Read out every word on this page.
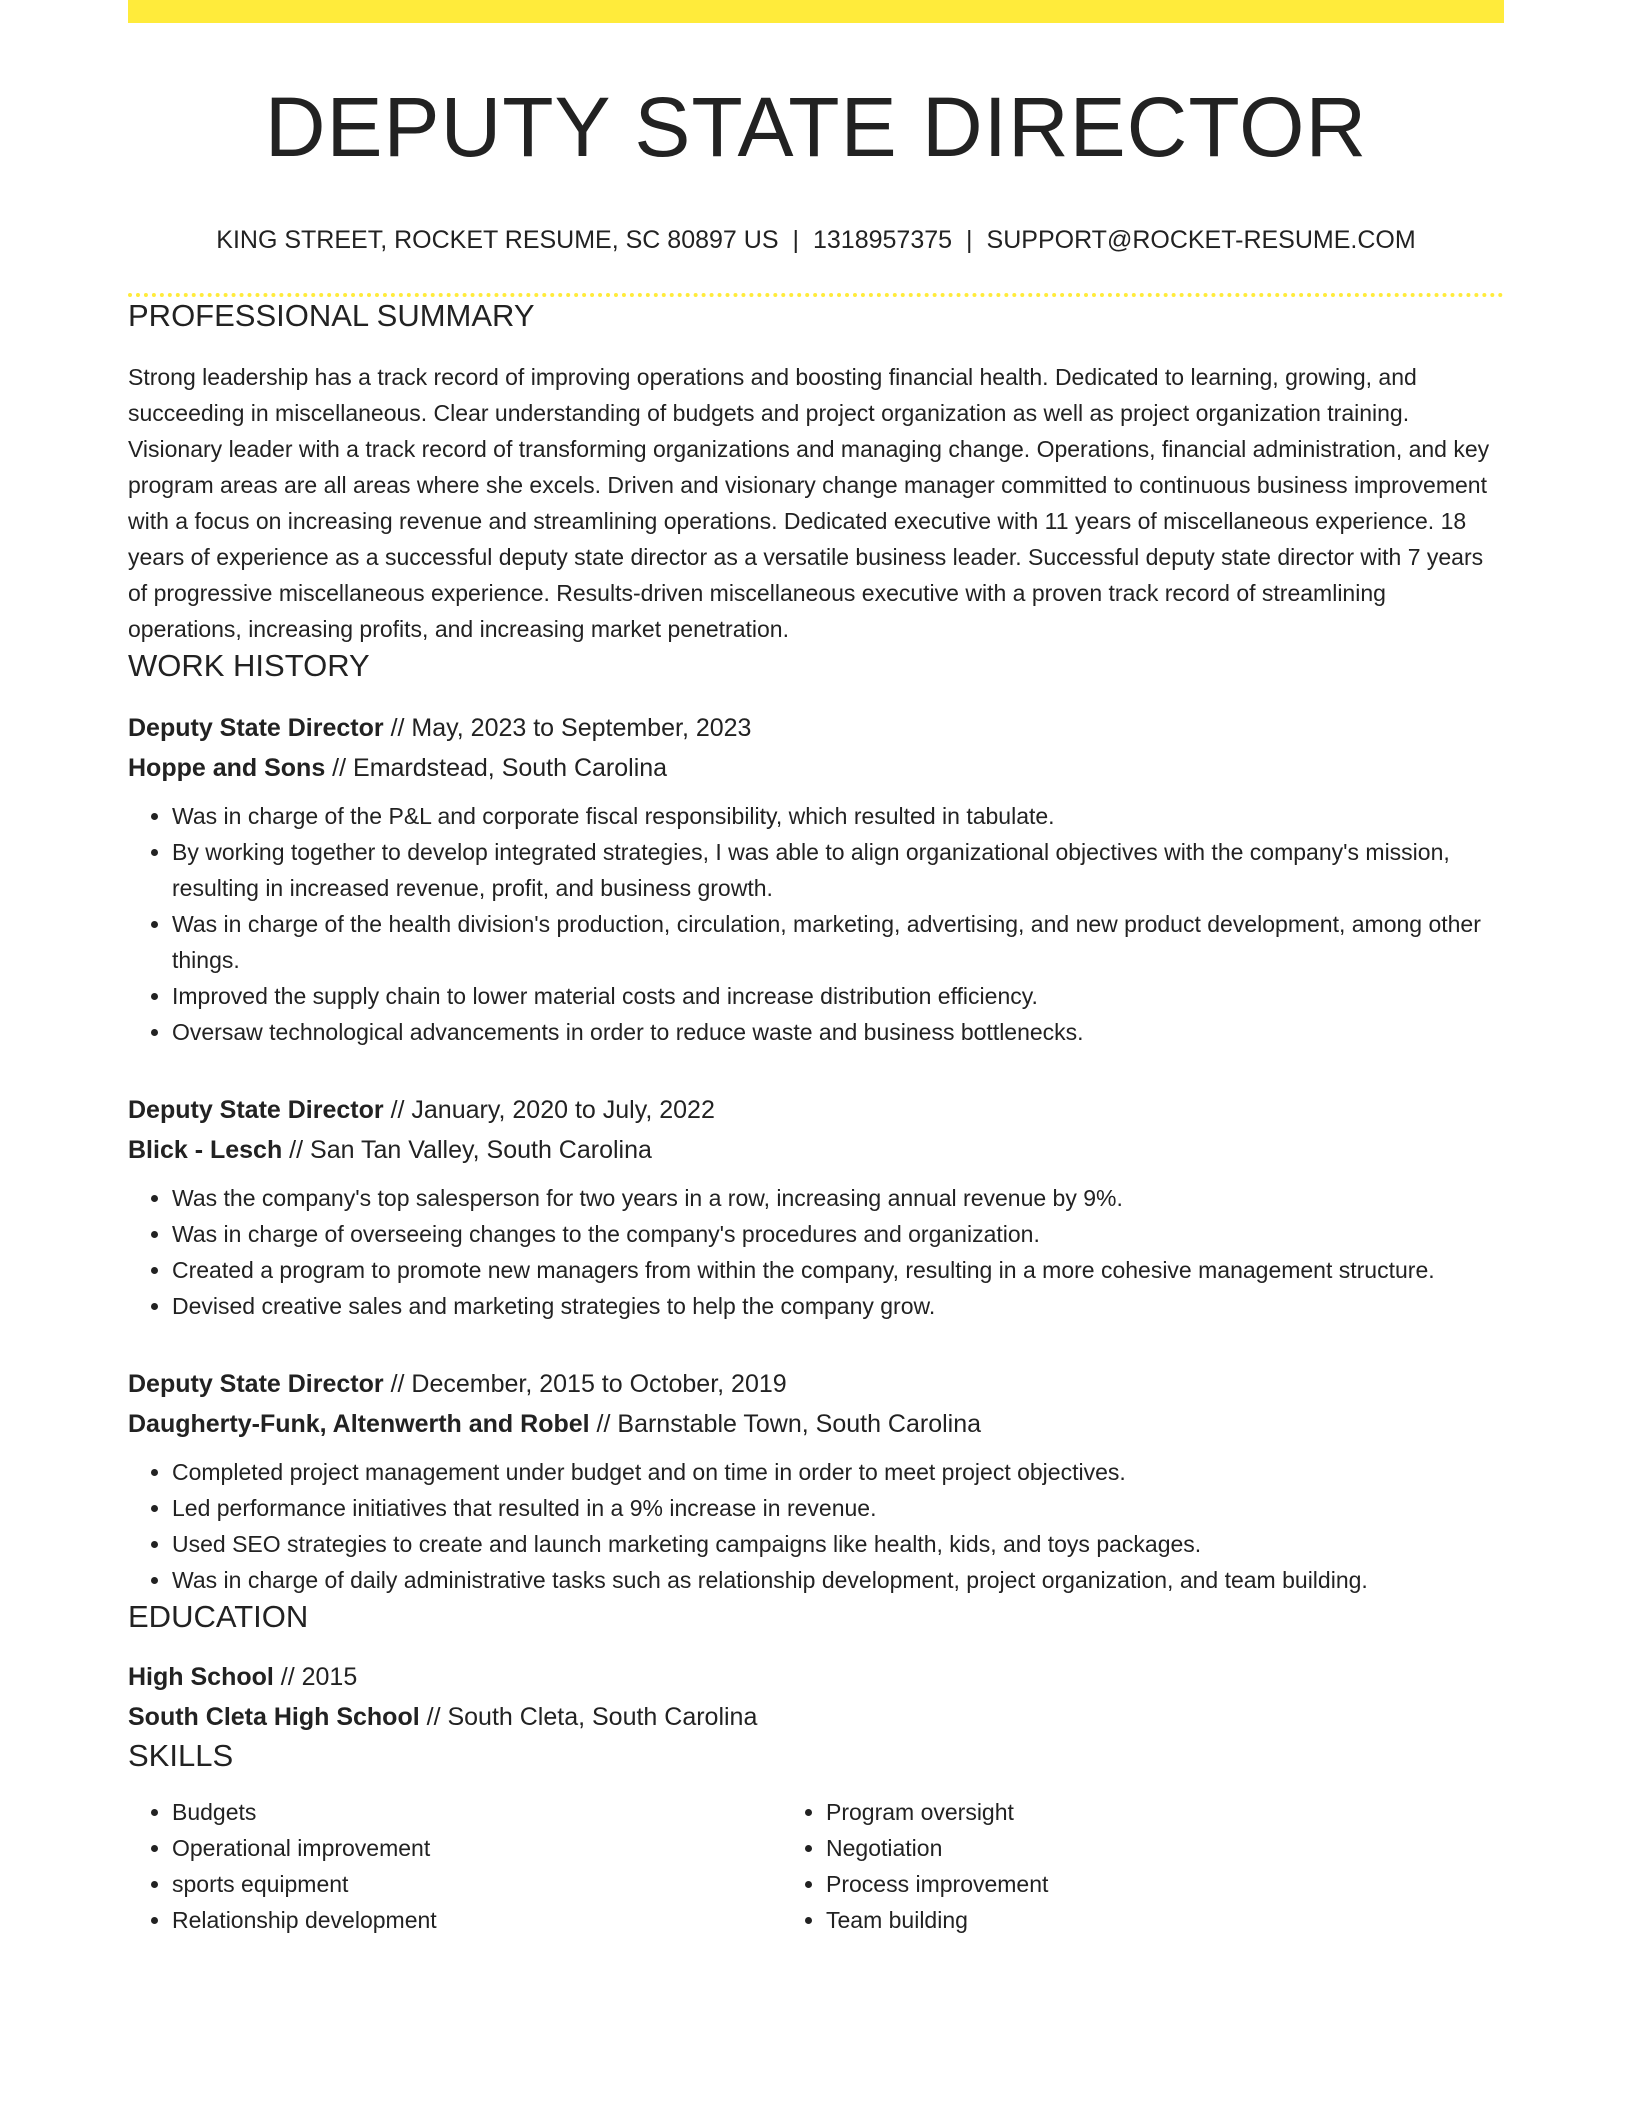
DEPUTY STATE DIRECTOR
KING STREET, ROCKET RESUME, SC 80897 US | 1318957375 | SUPPORT@ROCKET-RESUME.COM
PROFESSIONAL SUMMARY
Strong leadership has a track record of improving operations and boosting financial health. Dedicated to learning, growing, and succeeding in miscellaneous. Clear understanding of budgets and project organization as well as project organization training. Visionary leader with a track record of transforming organizations and managing change. Operations, financial administration, and key program areas are all areas where she excels. Driven and visionary change manager committed to continuous business improvement with a focus on increasing revenue and streamlining operations. Dedicated executive with 11 years of miscellaneous experience. 18 years of experience as a successful deputy state director as a versatile business leader. Successful deputy state director with 7 years of progressive miscellaneous experience. Results-driven miscellaneous executive with a proven track record of streamlining operations, increasing profits, and increasing market penetration.
WORK HISTORY
Deputy State Director // May, 2023 to September, 2023
Hoppe and Sons // Emardstead, South Carolina
• Was in charge of the P&L and corporate fiscal responsibility, which resulted in tabulate.
• By working together to develop integrated strategies, I was able to align organizational objectives with the company's mission, resulting in increased revenue, profit, and business growth.
• Was in charge of the health division's production, circulation, marketing, advertising, and new product development, among other things.
• Improved the supply chain to lower material costs and increase distribution efficiency.
• Oversaw technological advancements in order to reduce waste and business bottlenecks.
Deputy State Director // January, 2020 to July, 2022
Blick - Lesch // San Tan Valley, South Carolina
• Was the company's top salesperson for two years in a row, increasing annual revenue by 9%.
• Was in charge of overseeing changes to the company's procedures and organization.
• Created a program to promote new managers from within the company, resulting in a more cohesive management structure.
• Devised creative sales and marketing strategies to help the company grow.
Deputy State Director // December, 2015 to October, 2019
Daugherty-Funk, Altenwerth and Robel // Barnstable Town, South Carolina
• Completed project management under budget and on time in order to meet project objectives.
• Led performance initiatives that resulted in a 9% increase in revenue.
• Used SEO strategies to create and launch marketing campaigns like health, kids, and toys packages.
• Was in charge of daily administrative tasks such as relationship development, project organization, and team building.
EDUCATION
High School // 2015
South Cleta High School // South Cleta, South Carolina
SKILLS
• Budgets
• Operational improvement
• sports equipment
• Relationship development
• Program oversight
• Negotiation
• Process improvement
• Team building
